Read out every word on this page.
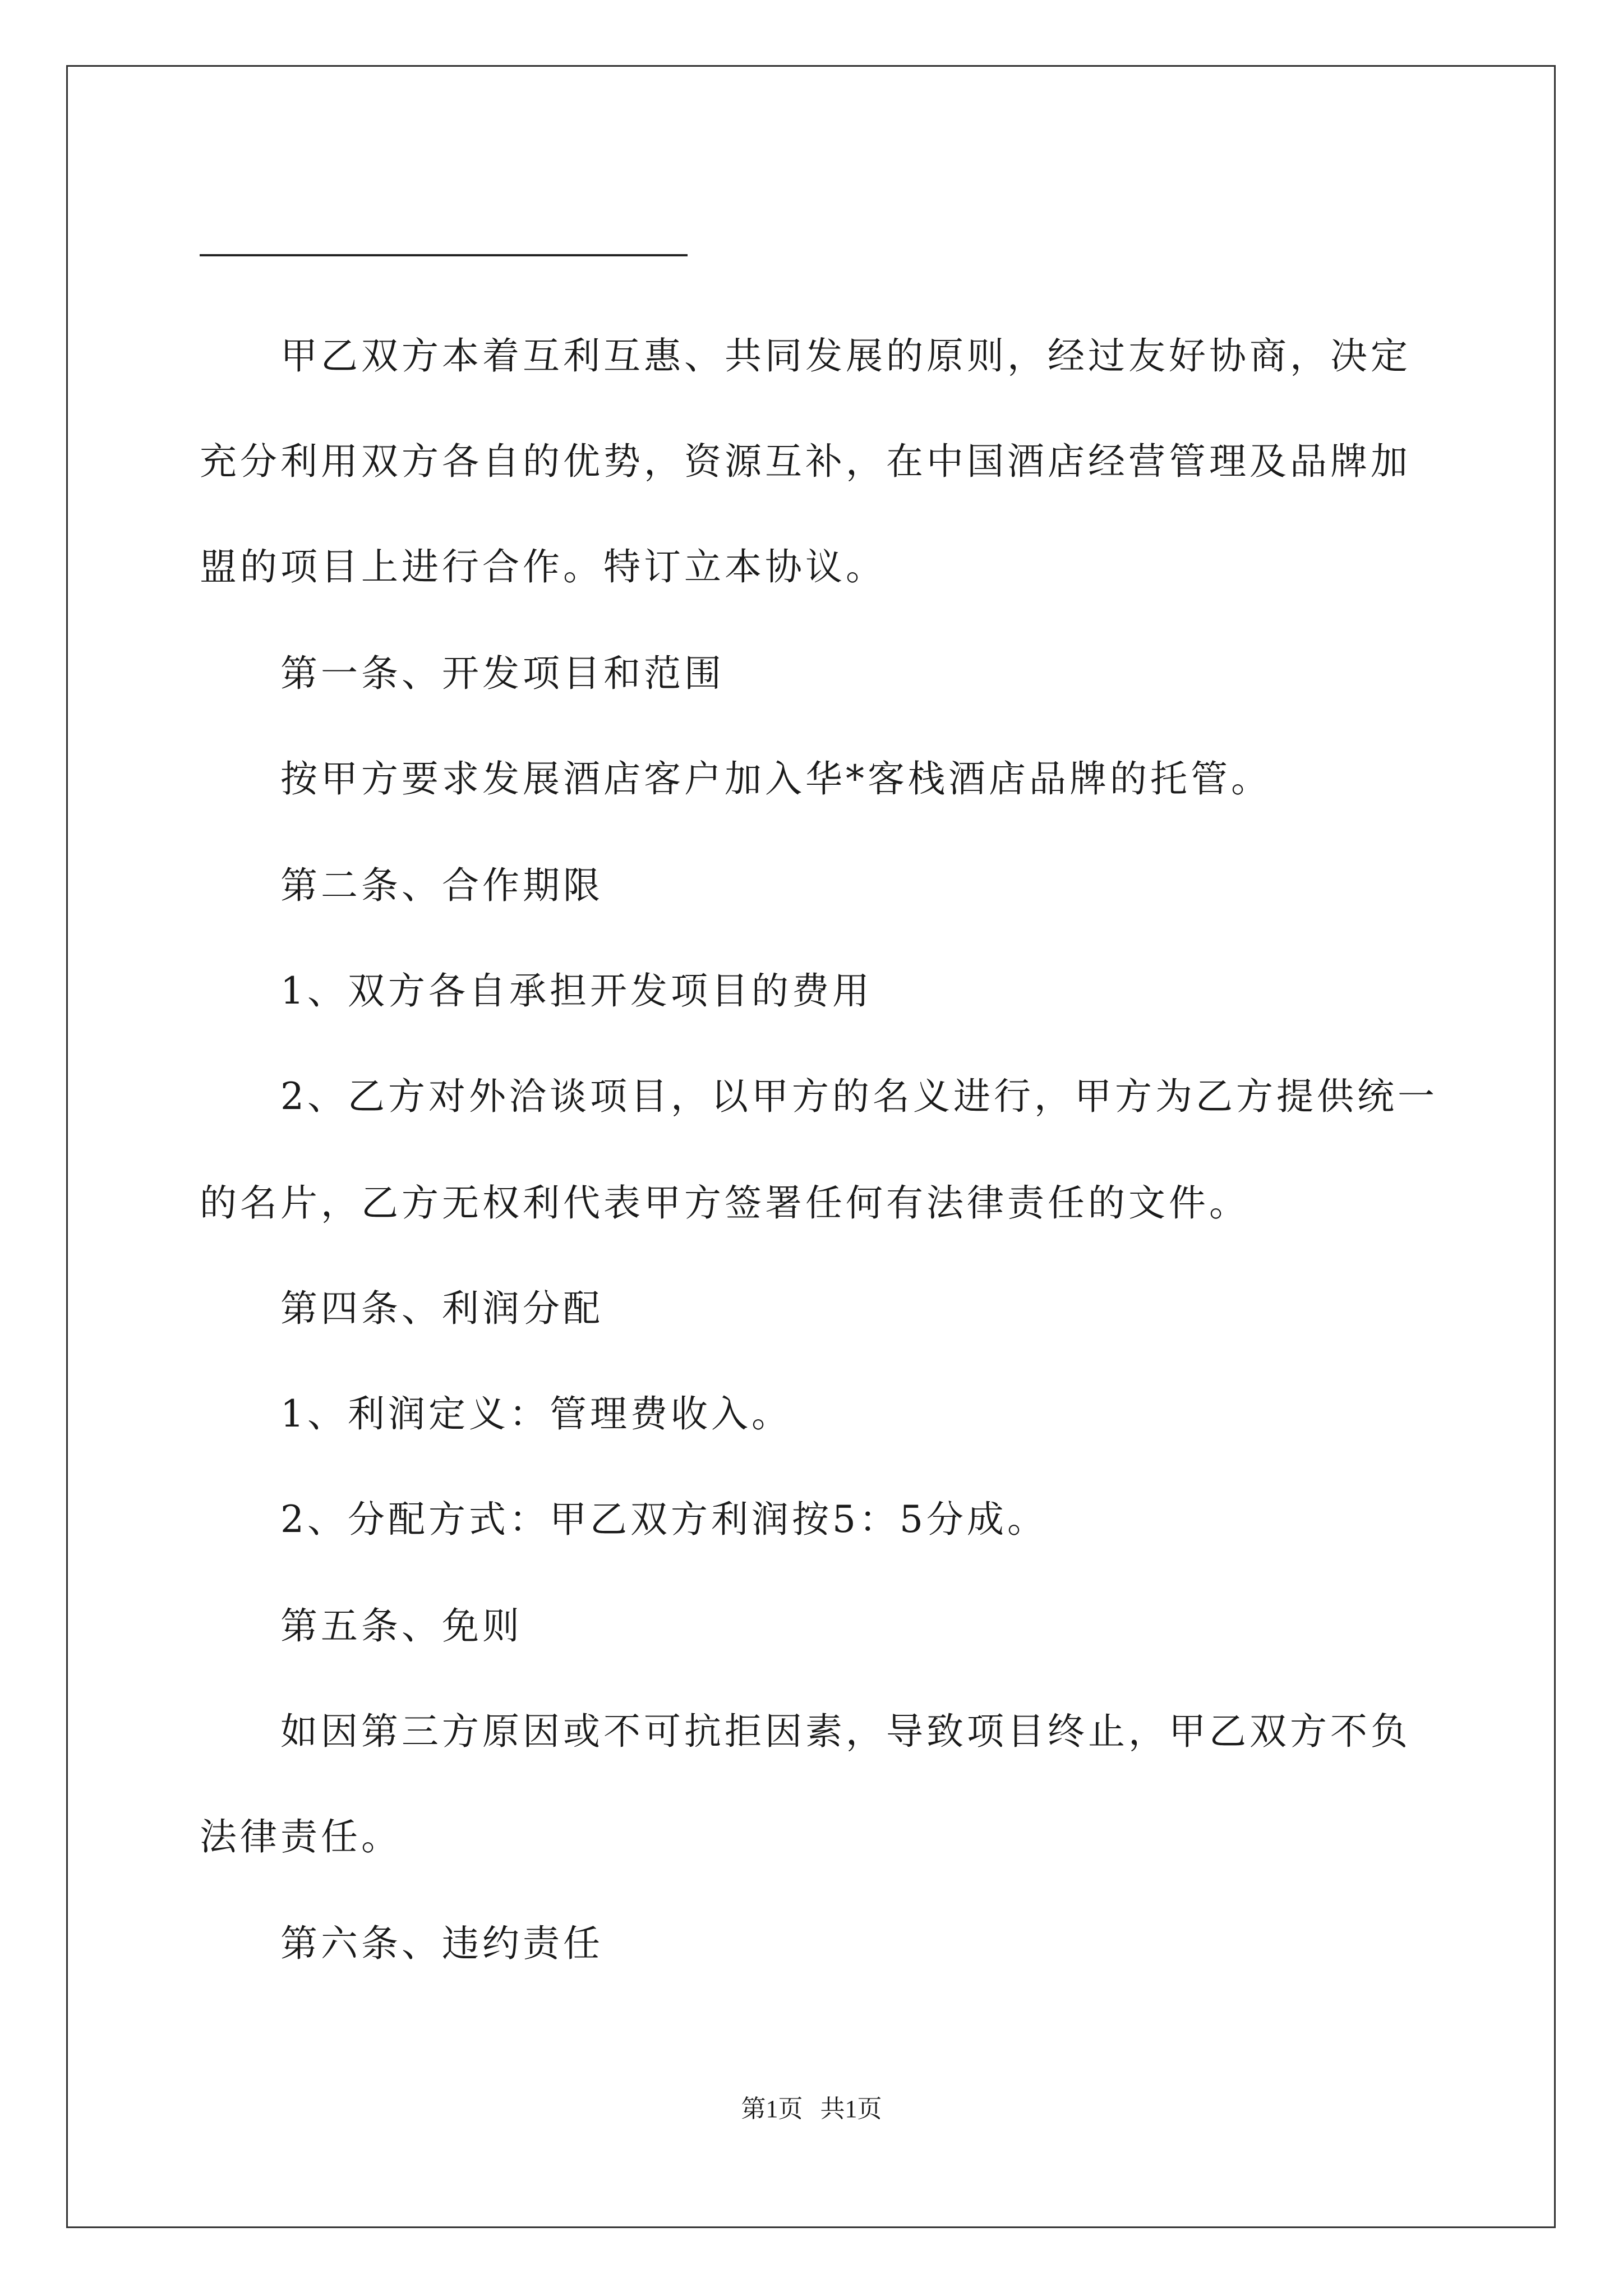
甲乙双方本着互利互惠、共同发展的原则，经过友好协商，决定
充分利用双方各自的优势，资源互补，在中国酒店经营管理及品牌加
盟的项目上进行合作。特订立本协议。
第一条、开发项目和范围
按甲方要求发展酒店客户加入华*客栈酒店品牌的托管。
第二条、合作期限
1、双方各自承担开发项目的费用
2、乙方对外洽谈项目，以甲方的名义进行，甲方为乙方提供统一
的名片，乙方无权利代表甲方签署任何有法律责任的文件。
第四条、利润分配
1、利润定义：管理费收入。
2、分配方式：甲乙双方利润按5：5分成。
第五条、免则
如因第三方原因或不可抗拒因素，导致项目终止，甲乙双方不负
法律责任。
第六条、违约责任
第1页 共1页
